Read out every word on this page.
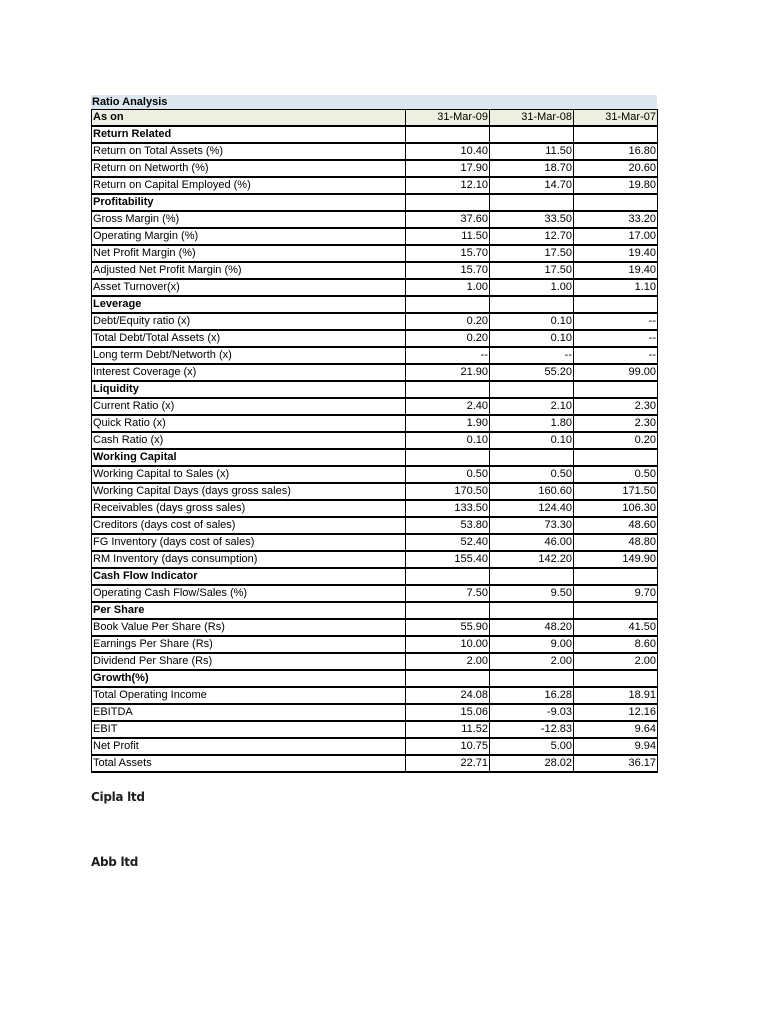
Ratio Analysis
As on	31-Mar-09	31-Mar-08	31-Mar-07
Return Related			
Return on Total Assets (%)	10.40	11.50	16.80
Return on Networth (%)	17.90	18.70	20.60
Return on Capital Employed (%)	12.10	14.70	19.80
Profitability			
Gross Margin (%)	37.60	33.50	33.20
Operating Margin (%)	11.50	12.70	17.00
Net Profit Margin (%)	15.70	17.50	19.40
Adjusted Net Profit Margin (%)	15.70	17.50	19.40
Asset Turnover(x)	1.00	1.00	1.10
Leverage			
Debt/Equity ratio (x)	0.20	0.10	--
Total Debt/Total Assets (x)	0.20	0.10	--
Long term Debt/Networth (x)	--	--	--
Interest Coverage (x)	21.90	55.20	99.00
Liquidity			
Current Ratio (x)	2.40	2.10	2.30
Quick Ratio (x)	1.90	1.80	2.30
Cash Ratio (x)	0.10	0.10	0.20
Working Capital			
Working Capital to Sales (x)	0.50	0.50	0.50
Working Capital Days (days gross sales)	170.50	160.60	171.50
Receivables (days gross sales)	133.50	124.40	106.30
Creditors (days cost of sales)	53.80	73.30	48.60
FG Inventory (days cost of sales)	52.40	46.00	48.80
RM Inventory (days consumption)	155.40	142.20	149.90
Cash Flow Indicator			
Operating Cash Flow/Sales (%)	7.50	9.50	9.70
Per Share			
Book Value Per Share (Rs)	55.90	48.20	41.50
Earnings Per Share (Rs)	10.00	9.00	8.60
Dividend Per Share (Rs)	2.00	2.00	2.00
Growth(%)			
Total Operating Income	24.08	16.28	18.91
EBITDA	15.06	-9.03	12.16
EBIT	11.52	-12.83	9.64
Net Profit	10.75	5.00	9.94
Total Assets	22.71	28.02	36.17
Cipla ltd
Abb ltd
